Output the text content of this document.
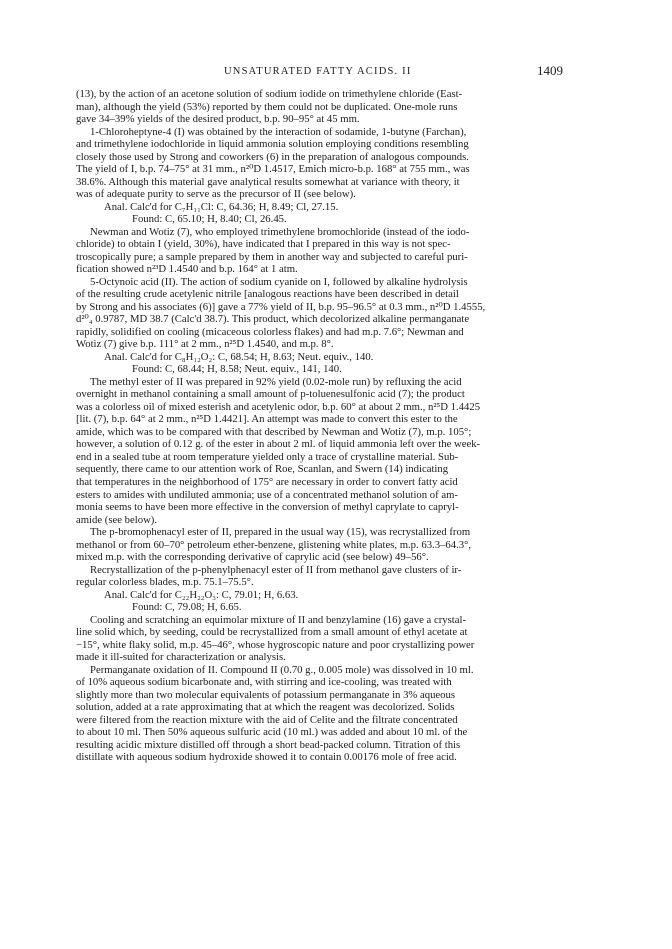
UNSATURATED FATTY ACIDS. II	1409
(13), by the action of an acetone solution of sodium iodide on trimethylene chloride (East-
man), although the yield (53%) reported by them could not be duplicated. One-mole runs
gave 34–39% yields of the desired product, b.p. 90–95° at 45 mm.
1-Chloroheptyne-4 (I) was obtained by the interaction of sodamide, 1-butyne (Farchan),
and trimethylene iodochloride in liquid ammonia solution employing conditions resembling
closely those used by Strong and coworkers (6) in the preparation of analogous compounds.
The yield of I, b.p. 74–75° at 31 mm., n²⁰D 1.4517, Emich micro-b.p. 168° at 755 mm., was
38.6%. Although this material gave analytical results somewhat at variance with theory, it
was of adequate purity to serve as the precursor of II (see below).
Anal. Calc'd for C₇H₁₁Cl: C, 64.36; H, 8.49; Cl, 27.15.
Found: C, 65.10; H, 8.40; Cl, 26.45.
Newman and Wotiz (7), who employed trimethylene bromochloride (instead of the iodo-
chloride) to obtain I (yield, 30%), have indicated that I prepared in this way is not spec-
troscopically pure; a sample prepared by them in another way and subjected to careful puri-
fication showed n²³D 1.4540 and b.p. 164° at 1 atm.
5-Octynoic acid (II). The action of sodium cyanide on I, followed by alkaline hydrolysis
of the resulting crude acetylenic nitrile [analogous reactions have been described in detail
by Strong and his associates (6)] gave a 77% yield of II, b.p. 95–96.5° at 0.3 mm., n²⁰D 1.4555,
d²⁰₄ 0.9787, MD 38.7 (Calc'd 38.7). This product, which decolorized alkaline permanganate
rapidly, solidified on cooling (micaceous colorless flakes) and had m.p. 7.6°; Newman and
Wotiz (7) give b.p. 111° at 2 mm., n²⁵D 1.4540, and m.p. 8°.
Anal. Calc'd for C₈H₁₂O₂: C, 68.54; H, 8.63; Neut. equiv., 140.
Found: C, 68.44; H, 8.58; Neut. equiv., 141, 140.
The methyl ester of II was prepared in 92% yield (0.02-mole run) by refluxing the acid
overnight in methanol containing a small amount of p-toluenesulfonic acid (7); the product
was a colorless oil of mixed esterish and acetylenic odor, b.p. 60° at about 2 mm., n²⁵D 1.4425
[lit. (7), b.p. 64° at 2 mm., n²⁵D 1.4421]. An attempt was made to convert this ester to the
amide, which was to be compared with that described by Newman and Wotiz (7), m.p. 105°;
however, a solution of 0.12 g. of the ester in about 2 ml. of liquid ammonia left over the week-
end in a sealed tube at room temperature yielded only a trace of crystalline material. Sub-
sequently, there came to our attention work of Roe, Scanlan, and Swern (14) indicating
that temperatures in the neighborhood of 175° are necessary in order to convert fatty acid
esters to amides with undiluted ammonia; use of a concentrated methanol solution of am-
monia seems to have been more effective in the conversion of methyl caprylate to capryl-
amide (see below).
The p-bromophenacyl ester of II, prepared in the usual way (15), was recrystallized from
methanol or from 60–70° petroleum ether-benzene, glistening white plates, m.p. 63.3–64.3°,
mixed m.p. with the corresponding derivative of caprylic acid (see below) 49–56°.
Recrystallization of the p-phenylphenacyl ester of II from methanol gave clusters of ir-
regular colorless blades, m.p. 75.1–75.5°.
Anal. Calc'd for C₂₂H₂₂O₃: C, 79.01; H, 6.63.
Found: C, 79.08; H, 6.65.
Cooling and scratching an equimolar mixture of II and benzylamine (16) gave a crystal-
line solid which, by seeding, could be recrystallized from a small amount of ethyl acetate at
−15°, white flaky solid, m.p. 45–46°, whose hygroscopic nature and poor crystallizing power
made it ill-suited for characterization or analysis.
Permanganate oxidation of II. Compound II (0.70 g., 0.005 mole) was dissolved in 10 ml.
of 10% aqueous sodium bicarbonate and, with stirring and ice-cooling, was treated with
slightly more than two molecular equivalents of potassium permanganate in 3% aqueous
solution, added at a rate approximating that at which the reagent was decolorized. Solids
were filtered from the reaction mixture with the aid of Celite and the filtrate concentrated
to about 10 ml. Then 50% aqueous sulfuric acid (10 ml.) was added and about 10 ml. of the
resulting acidic mixture distilled off through a short bead-packed column. Titration of this
distillate with aqueous sodium hydroxide showed it to contain 0.00176 mole of free acid.
